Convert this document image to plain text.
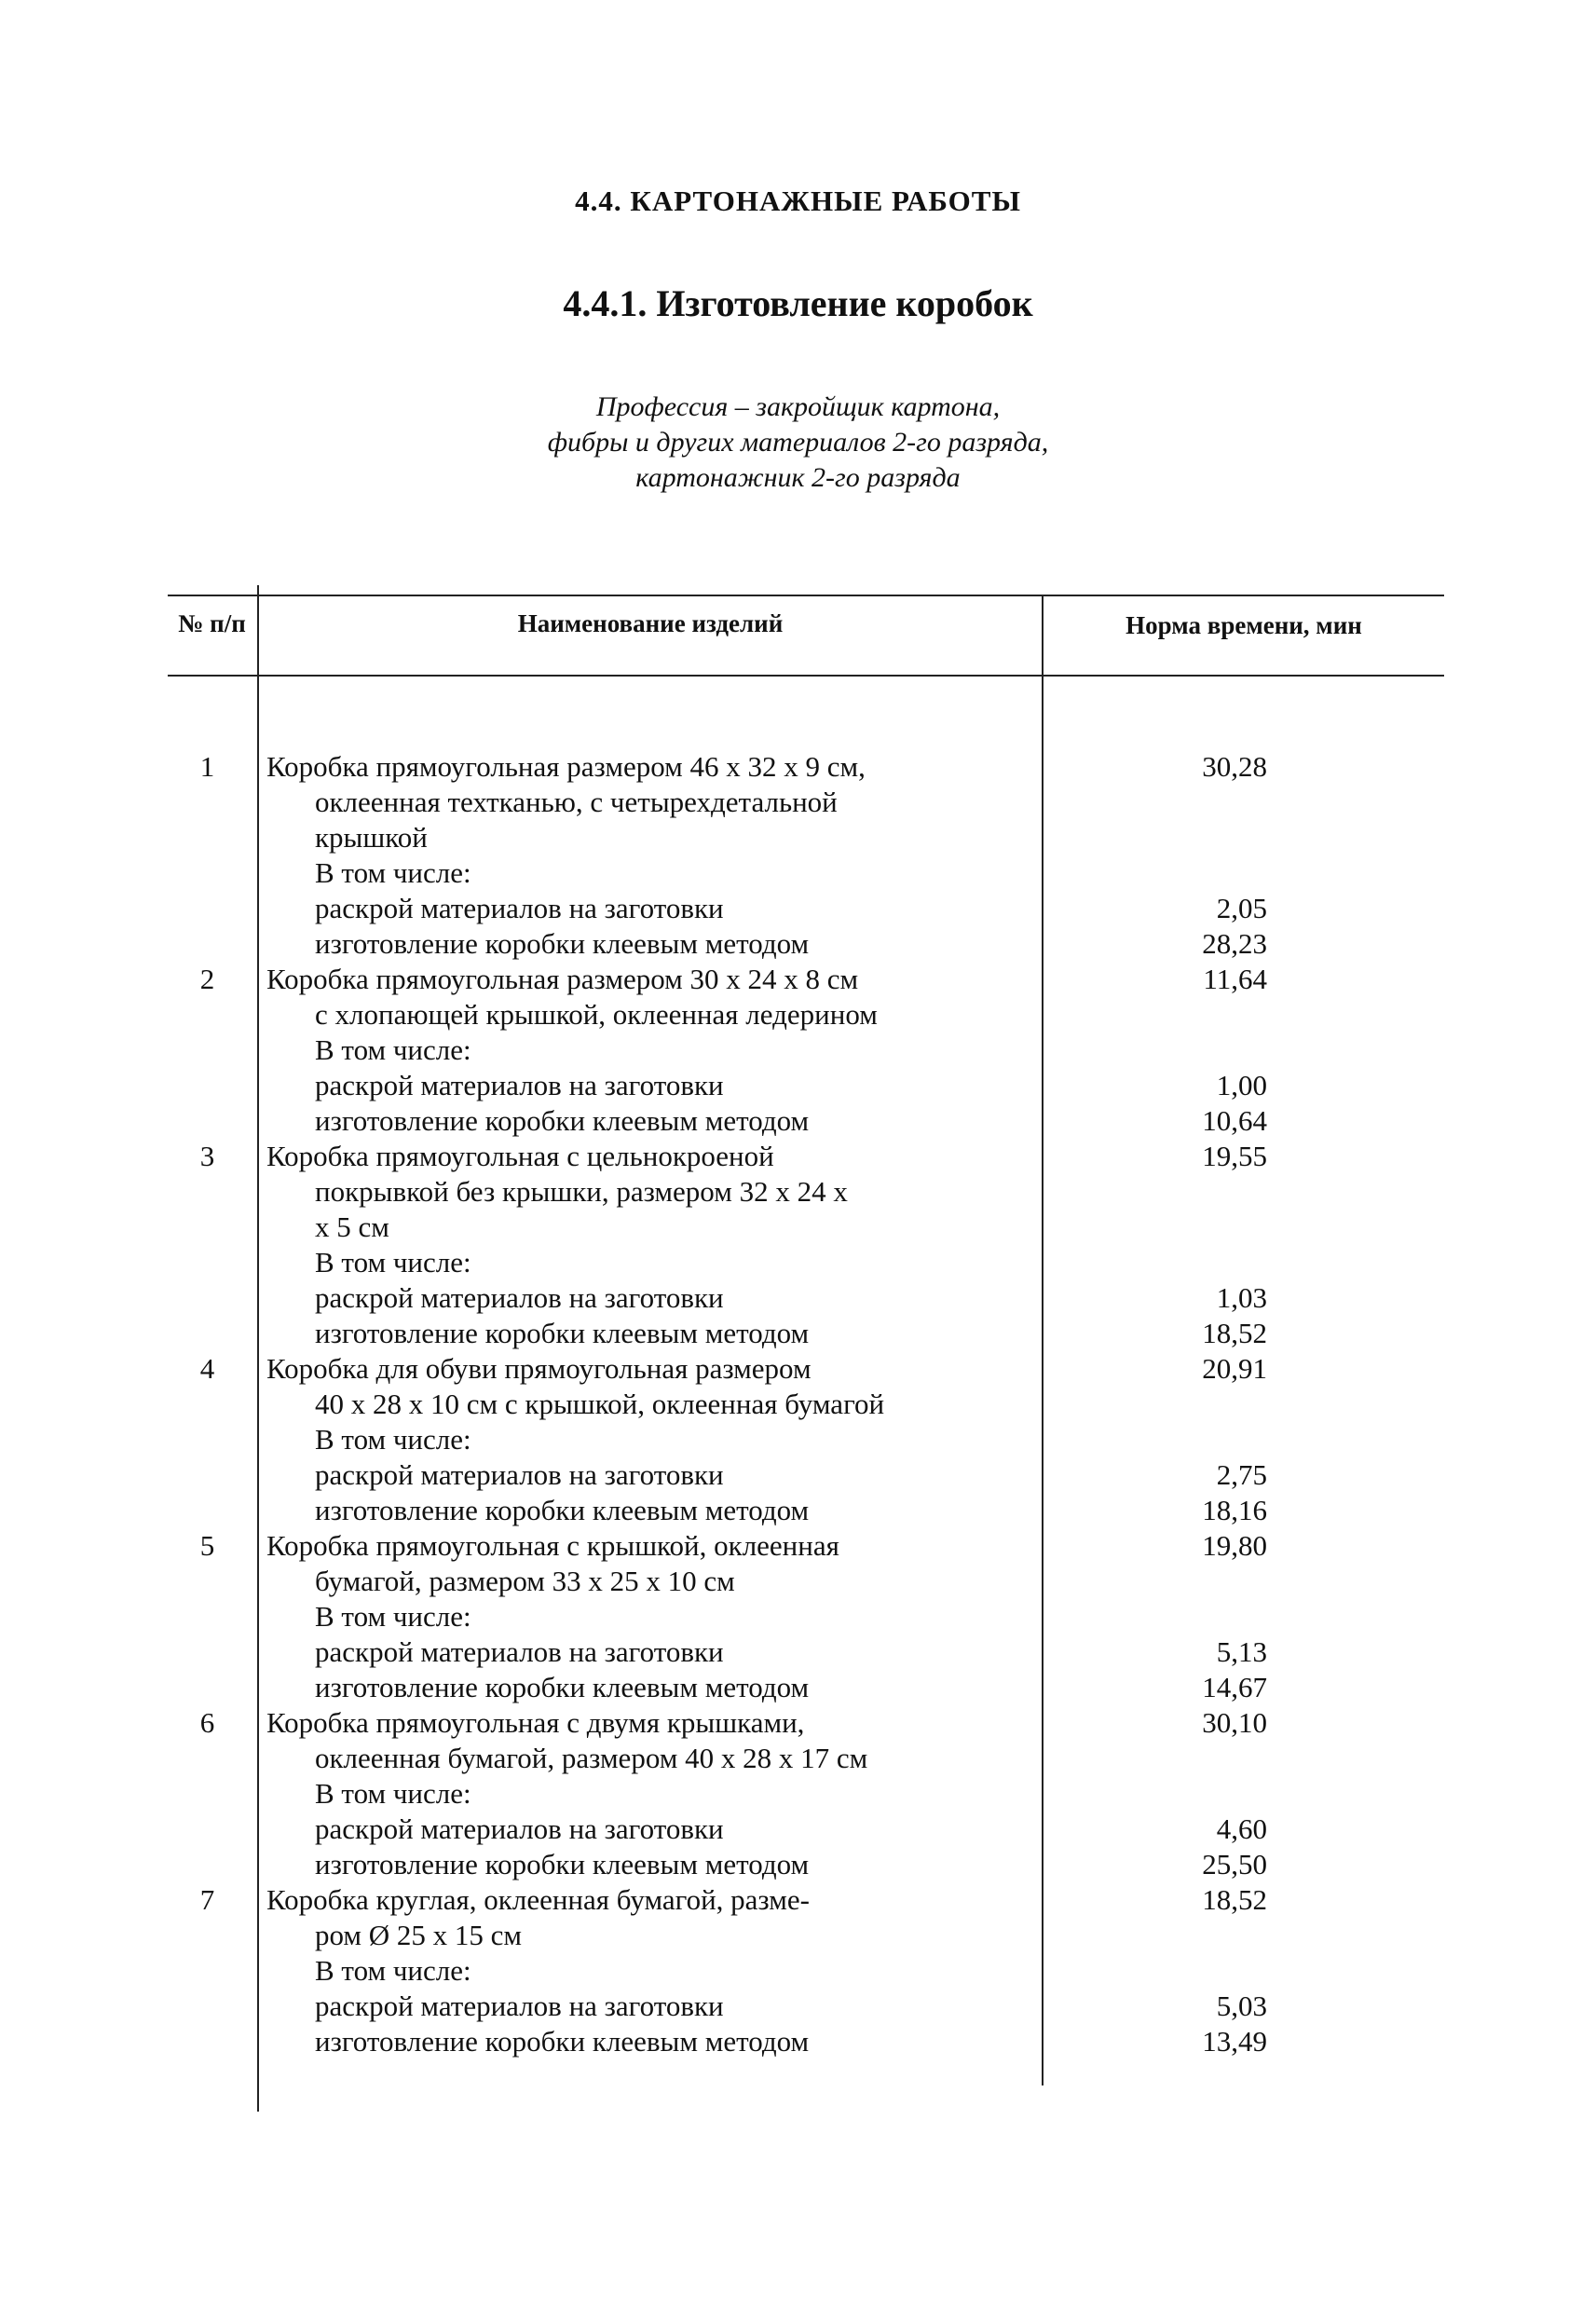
4.4. КАРТОНАЖНЫЕ РАБОТЫ
4.4.1. Изготовление коробок
Профессия – закройщик картона,
фибры и других материалов 2-го разряда,
картонажник 2-го разряда
№ п/п	Наименование изделий	Норма времени, мин
1	Коробка прямоугольная размером 46 х 32 х 9 см,	30,28
оклеенная техтканью, с четырехдетальной
крышкой
В том числе:
раскрой материалов на заготовки	2,05
изготовление коробки клеевым методом	28,23
2	Коробка прямоугольная размером 30 х 24 х 8 см	11,64
с хлопающей крышкой, оклеенная ледерином
В том числе:
раскрой материалов на заготовки	1,00
изготовление коробки клеевым методом	10,64
3	Коробка прямоугольная с цельнокроеной	19,55
покрывкой без крышки, размером 32 х 24 х
х 5 см
В том числе:
раскрой материалов на заготовки	1,03
изготовление коробки клеевым методом	18,52
4	Коробка для обуви прямоугольная размером	20,91
40 х 28 х 10 см с крышкой, оклеенная бумагой
В том числе:
раскрой материалов на заготовки	2,75
изготовление коробки клеевым методом	18,16
5	Коробка прямоугольная с крышкой, оклеенная	19,80
бумагой, размером 33 х 25 х 10 см
В том числе:
раскрой материалов на заготовки	5,13
изготовление коробки клеевым методом	14,67
6	Коробка прямоугольная с двумя крышками,	30,10
оклеенная бумагой, размером 40 х 28 х 17 см
В том числе:
раскрой материалов на заготовки	4,60
изготовление коробки клеевым методом	25,50
7	Коробка круглая, оклеенная бумагой, разме-	18,52
ром Ø 25 х 15 см
В том числе:
раскрой материалов на заготовки	5,03
изготовление коробки клеевым методом	13,49
